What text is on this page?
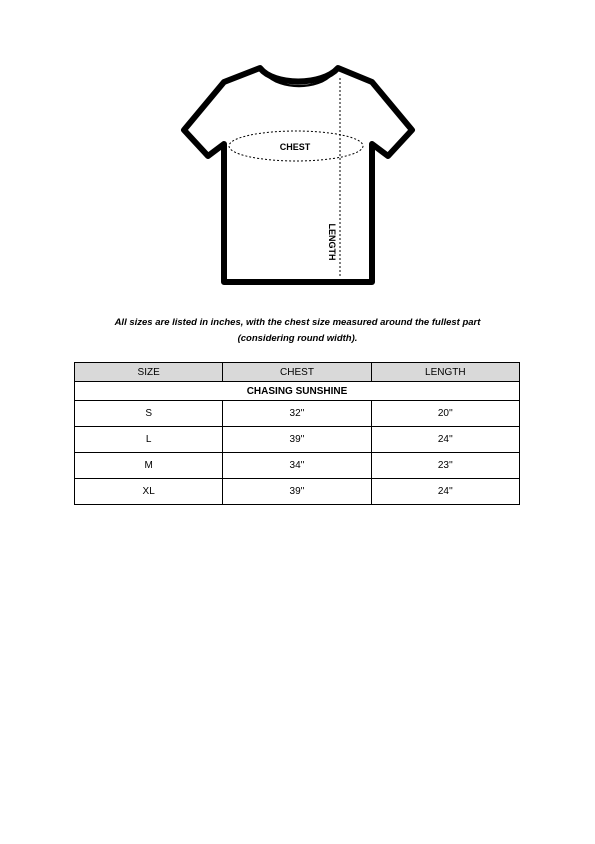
CHEST
LENGTH
All sizes are listed in inches, with the chest size measured around the fullest part
(considering round width).
SIZE	CHEST	LENGTH
CHASING SUNSHINE		
S	32''	20''
L	39''	24''
M	34''	23''
XL	39''	24''
